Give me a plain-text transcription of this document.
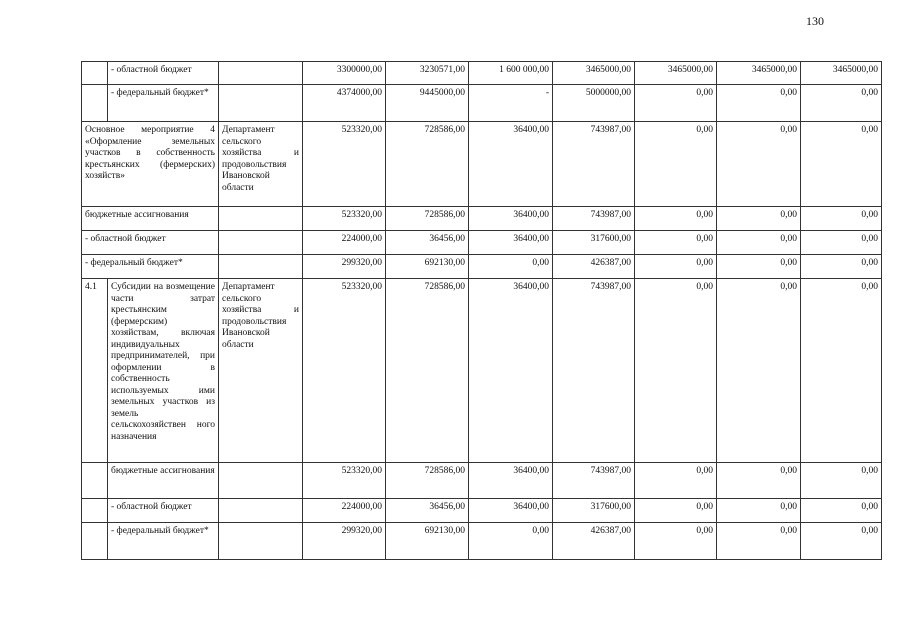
130
	- областной бюджет		3300000,00	3230571,00	1 600 000,00	3465000,00	3465000,00	3465000,00	3465000,00
	- федеральный бюджет*		4374000,00	9445000,00	-	5000000,00	0,00	0,00	0,00
Основное мероприятие 4 «Оформление земельных участков в собственность крестьянских (фермерских) хозяйств»		Департамент сельского хозяйства и продовольствия Ивановской области	523320,00	728586,00	36400,00	743987,00	0,00	0,00	0,00
бюджетные ассигнования			523320,00	728586,00	36400,00	743987,00	0,00	0,00	0,00
- областной бюджет			224000,00	36456,00	36400,00	317600,00	0,00	0,00	0,00
- федеральный бюджет*			299320,00	692130,00	0,00	426387,00	0,00	0,00	0,00
4.1	Субсидии на возмещение части затрат крестьянским (фермерским) хозяйствам, включая индивидуальных предпринимателей, при оформлении в собственность используемых ими земельных участков из земель сельскохозяйствен ного назначения	Департамент сельского хозяйства и продовольствия Ивановской области	523320,00	728586,00	36400,00	743987,00	0,00	0,00	0,00
	бюджетные ассигнования		523320,00	728586,00	36400,00	743987,00	0,00	0,00	0,00
	- областной бюджет		224000,00	36456,00	36400,00	317600,00	0,00	0,00	0,00
	- федеральный бюджет*		299320,00	692130,00	0,00	426387,00	0,00	0,00	0,00
